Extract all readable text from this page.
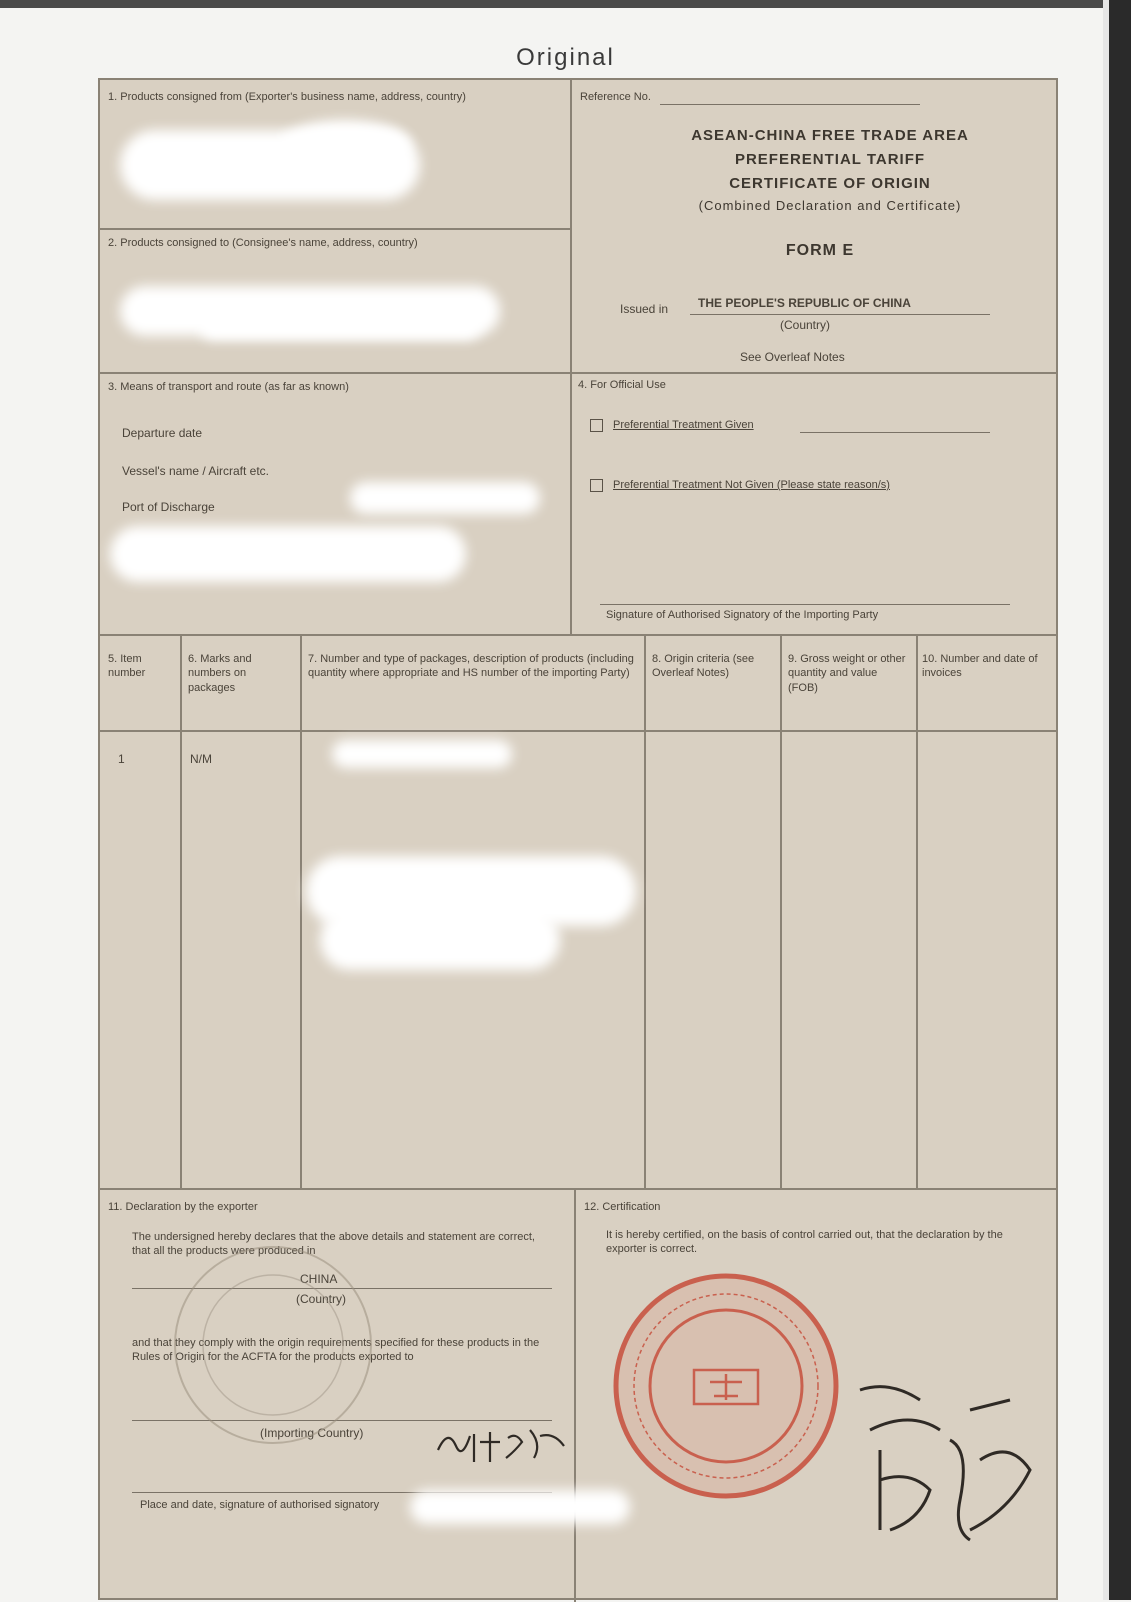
Original
1. Products consigned from (Exporter's business name, address, country)	Reference No.
ASEAN-CHINA FREE TRADE AREA
PREFERENTIAL TARIFF
CERTIFICATE OF ORIGIN
(Combined Declaration and Certificate)
FORM E
Issued in THE PEOPLE'S REPUBLIC OF CHINA
(Country)
See Overleaf Notes
2. Products consigned to (Consignee's name, address, country)
3. Means of transport and route (as far as known)
Departure date
Vessel's name / Aircraft etc.
Port of Discharge
4. For Official Use
Preferential Treatment Given
Preferential Treatment Not Given (Please state reason/s)
Signature of Authorised Signatory of the Importing Party
5. Item number
6. Marks and numbers on packages
7. Number and type of packages, description of products (including quantity where appropriate and HS number of the importing Party)
8. Origin criteria (see Overleaf Notes)
9. Gross weight or other quantity and value (FOB)
10. Number and date of invoices
1	N/M
11. Declaration by the exporter
The undersigned hereby declares that the above details and statement are correct, that all the products were produced in
CHINA
(Country)
and that they comply with the origin requirements specified for these products in the Rules of Origin for the ACFTA for the products exported to
(Importing Country)
Place and date, signature of authorised signatory
12. Certification
It is hereby certified, on the basis of control carried out, that the declaration by the exporter is correct.
